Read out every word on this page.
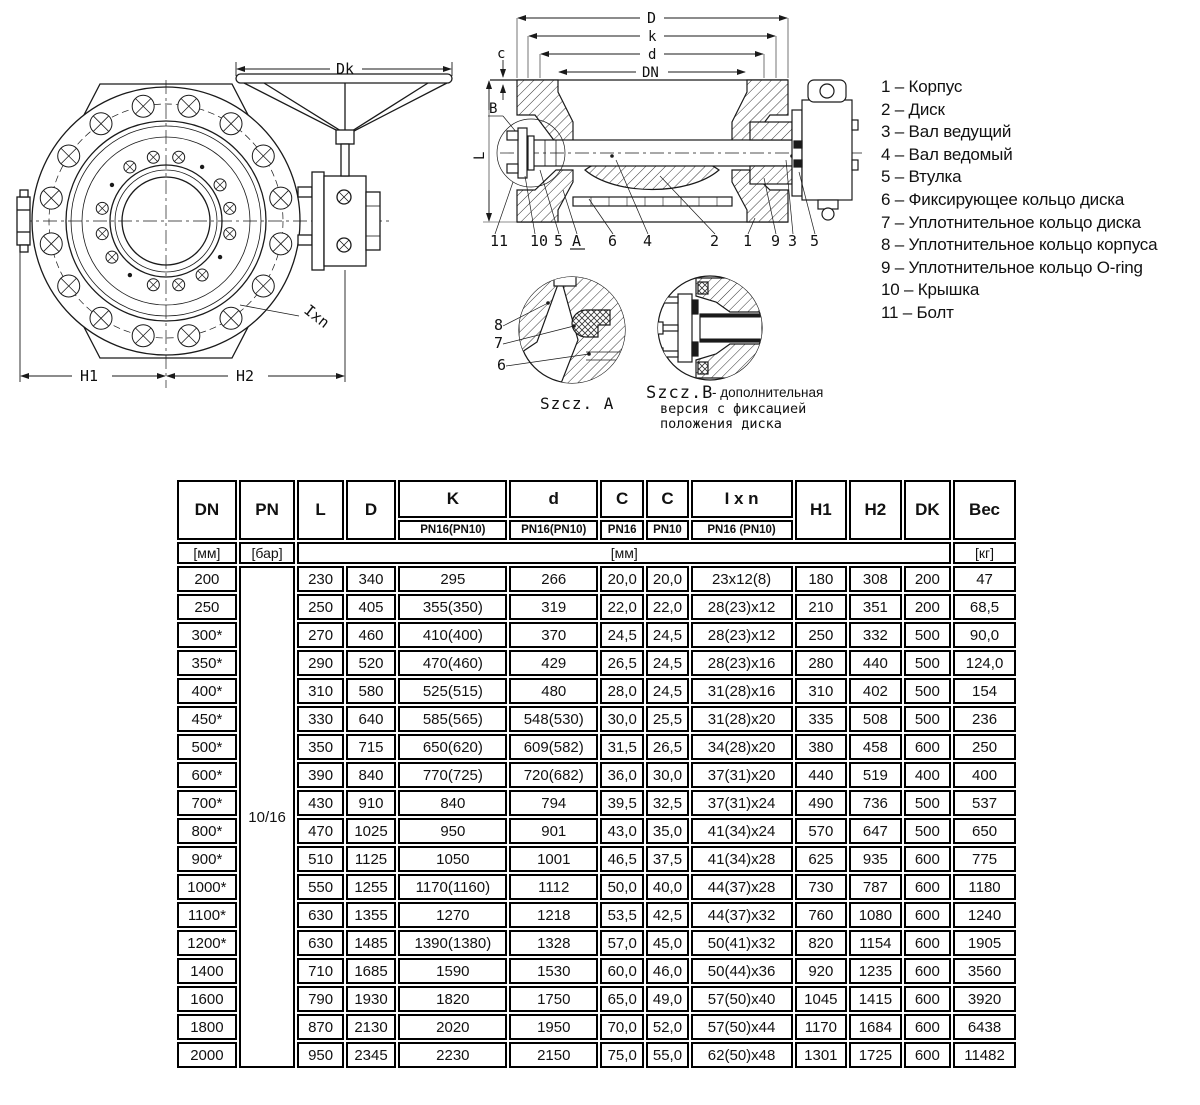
Dk
H1	H2
Ixn
D
k
d
DN
c
B
L
11 10 5 A 6 4	2 1 9 3 5
8
7
6
Szcz. A
Szcz.B
- дополнительная
версия с фиксацией
положения диска
1 – Корпус
2 – Диск
3 – Вал ведущий
4 – Вал ведомый
5 – Втулка
6 – Фиксирующее кольцо диска
7 – Уплотнительное кольцо диска
8 – Уплотнительное кольцо корпуса
9 – Уплотнительное кольцо O-ring
10 – Крышка
11 – Болт
DN	PN	L	D	K	d	C	C	I x n	H1	H2	DK	Вес
				PN16(PN10)	PN16(PN10)	PN16	PN10	PN16 (PN10)				
[мм]	[бар]	[мм]										[кг]
200	10/16	230	340	295	266	20,0	20,0	23x12(8)	180	308	200	47
250		250	405	355(350)	319	22,0	22,0	28(23)x12	210	351	200	68,5
300*		270	460	410(400)	370	24,5	24,5	28(23)x12	250	332	500	90,0
350*		290	520	470(460)	429	26,5	24,5	28(23)x16	280	440	500	124,0
400*		310	580	525(515)	480	28,0	24,5	31(28)x16	310	402	500	154
450*		330	640	585(565)	548(530)	30,0	25,5	31(28)x20	335	508	500	236
500*		350	715	650(620)	609(582)	31,5	26,5	34(28)x20	380	458	600	250
600*		390	840	770(725)	720(682)	36,0	30,0	37(31)x20	440	519	400	400
700*		430	910	840	794	39,5	32,5	37(31)x24	490	736	500	537
800*		470	1025	950	901	43,0	35,0	41(34)x24	570	647	500	650
900*		510	1125	1050	1001	46,5	37,5	41(34)x28	625	935	600	775
1000*		550	1255	1170(1160)	1112	50,0	40,0	44(37)x28	730	787	600	1180
1100*		630	1355	1270	1218	53,5	42,5	44(37)x32	760	1080	600	1240
1200*		630	1485	1390(1380)	1328	57,0	45,0	50(41)x32	820	1154	600	1905
1400		710	1685	1590	1530	60,0	46,0	50(44)x36	920	1235	600	3560
1600		790	1930	1820	1750	65,0	49,0	57(50)x40	1045	1415	600	3920
1800		870	2130	2020	1950	70,0	52,0	57(50)x44	1170	1684	600	6438
2000		950	2345	2230	2150	75,0	55,0	62(50)x48	1301	1725	600	11482
